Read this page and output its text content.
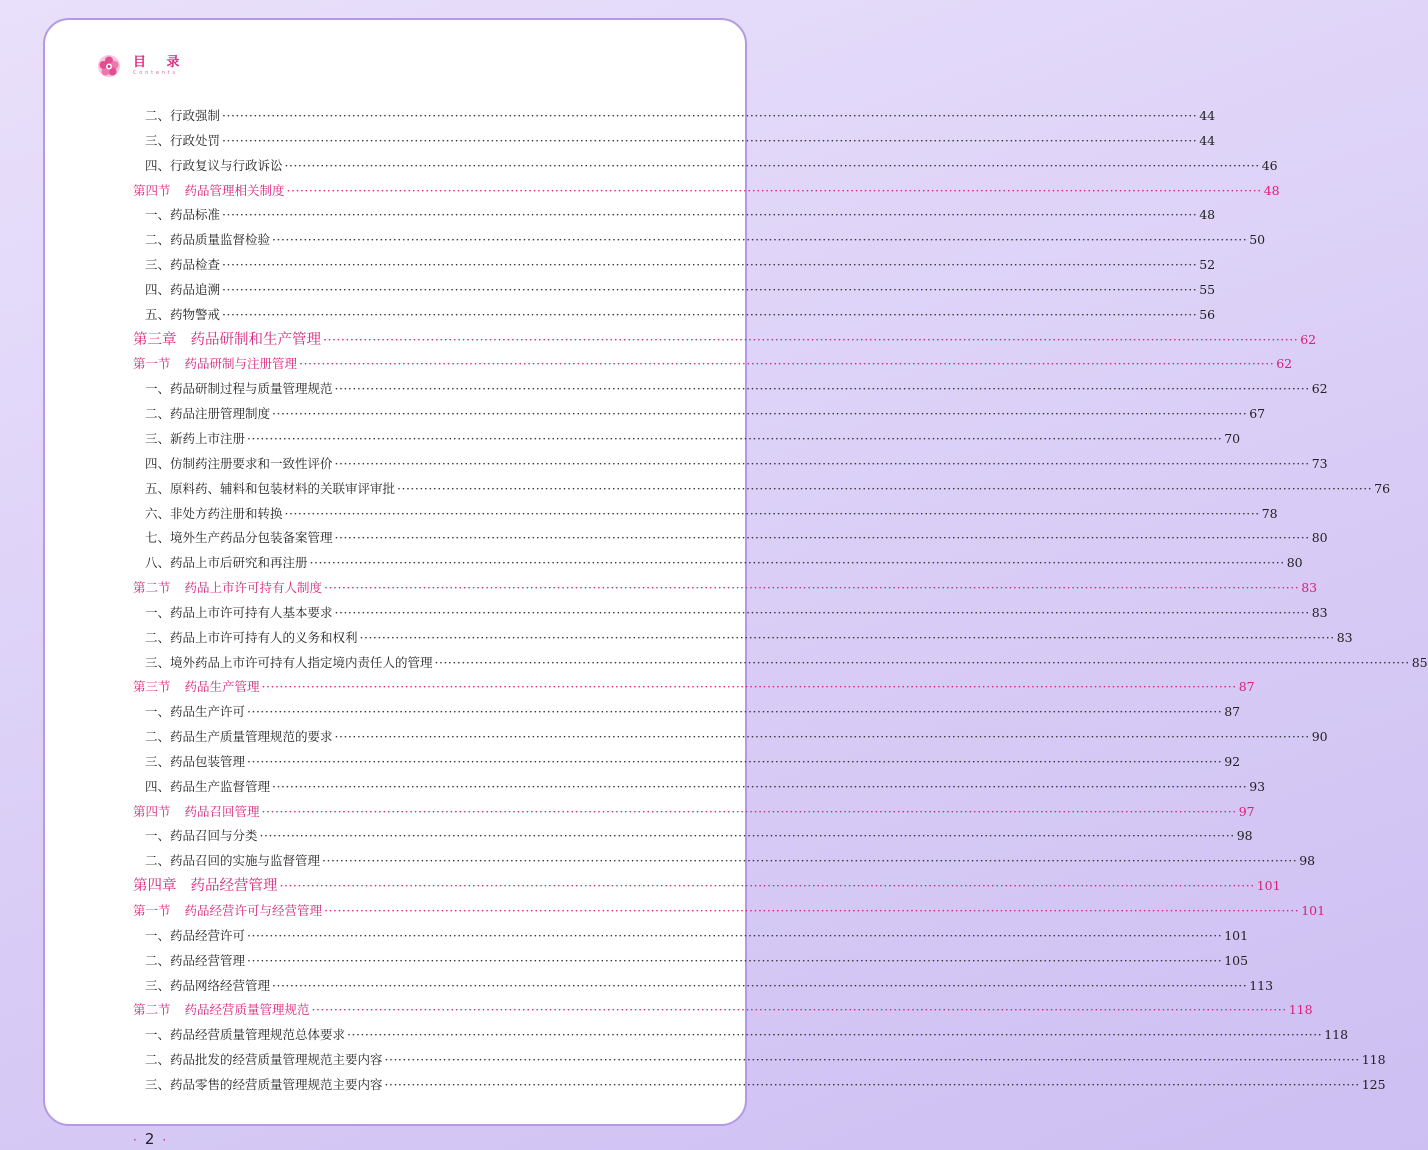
目 录
C o n t e n t s
二、行政强制 ·····	44
三、行政处罚 ·····	44
四、行政复议与行政诉讼 ·····	46
第四节 药品管理相关制度 ·····	48
一、药品标准 ·····	48
二、药品质量监督检验 ·····	50
三、药品检查 ·····	52
四、药品追溯 ·····	55
五、药物警戒 ·····	56
第三章 药品研制和生产管理 ·····	62
第一节 药品研制与注册管理 ·····	62
一、药品研制过程与质量管理规范 ·····	62
二、药品注册管理制度 ·····	67
三、新药上市注册 ·····	70
四、仿制药注册要求和一致性评价 ·····	73
五、原料药、辅料和包装材料的关联审评审批 ·····	76
六、非处方药注册和转换 ·····	78
七、境外生产药品分包装备案管理 ·····	80
八、药品上市后研究和再注册 ·····	80
第二节 药品上市许可持有人制度 ·····	83
一、药品上市许可持有人基本要求 ·····	83
二、药品上市许可持有人的义务和权利 ·····	83
三、境外药品上市许可持有人指定境内责任人的管理 ·····	85
第三节 药品生产管理 ·····	87
一、药品生产许可 ·····	87
二、药品生产质量管理规范的要求 ·····	90
三、药品包装管理 ·····	92
四、药品生产监督管理 ·····	93
第四节 药品召回管理 ·····	97
一、药品召回与分类 ·····	98
二、药品召回的实施与监督管理 ·····	98
第四章 药品经营管理 ·····	101
第一节 药品经营许可与经营管理 ·····	101
一、药品经营许可 ·····	101
二、药品经营管理 ·····	105
三、药品网络经营管理 ·····	113
第二节 药品经营质量管理规范 ·····	118
一、药品经营质量管理规范总体要求 ·····	118
二、药品批发的经营质量管理规范主要内容 ·····	118
三、药品零售的经营质量管理规范主要内容 ·····	125
· 2 ·
